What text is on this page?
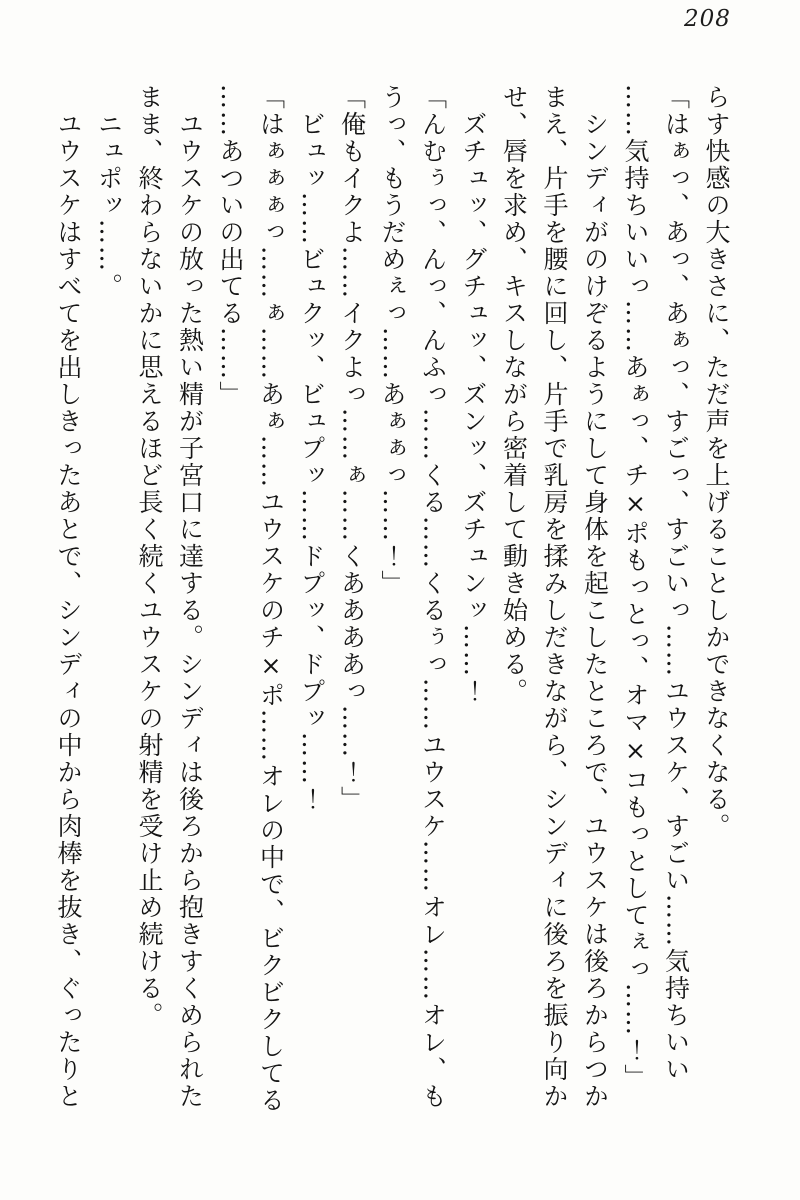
208
らす快感の大きさに、ただ声を上げることしかできなくなる。
「はぁっ、あっ、あぁっ、すごっ、すごいっ……ユウスケ、すごい……気持ちいい
……気持ちいいっ……あぁっ、チ×ポもっとっ、オマ×コもっとしてぇっ……！」
シンディがのけぞるようにして身体を起こしたところで、ユウスケは後ろからつか
まえ、片手を腰に回し、片手で乳房を揉みしだきながら、シンディに後ろを振り向か
せ、唇を求め、キスしながら密着して動き始める。
ズチュッ、グチュッ、ズンッ、ズチュンッ……！
「んむぅっ、んっ、んふっ……くる……くるぅっ……ユウスケ……オレ……オレ、も
うっ、もうだめぇっ……あぁぁっ……！」
「俺もイクよ……イクよっ……ぁ……くああああっ……！」
ビュッ……ビュクッ、ビュプッ……ドプッ、ドプッ……！
「はぁぁぁっ……ぁ……あぁ……ユウスケのチ×ポ……オレの中で、ビクビクしてる
……あついの出てる……」
ユウスケの放った熱い精が子宮口に達する。シンディは後ろから抱きすくめられた
まま、終わらないかに思えるほど長く続くユウスケの射精を受け止め続ける。
ニュポッ……。
ユウスケはすべてを出しきったあとで、シンディの中から肉棒を抜き、ぐったりと
